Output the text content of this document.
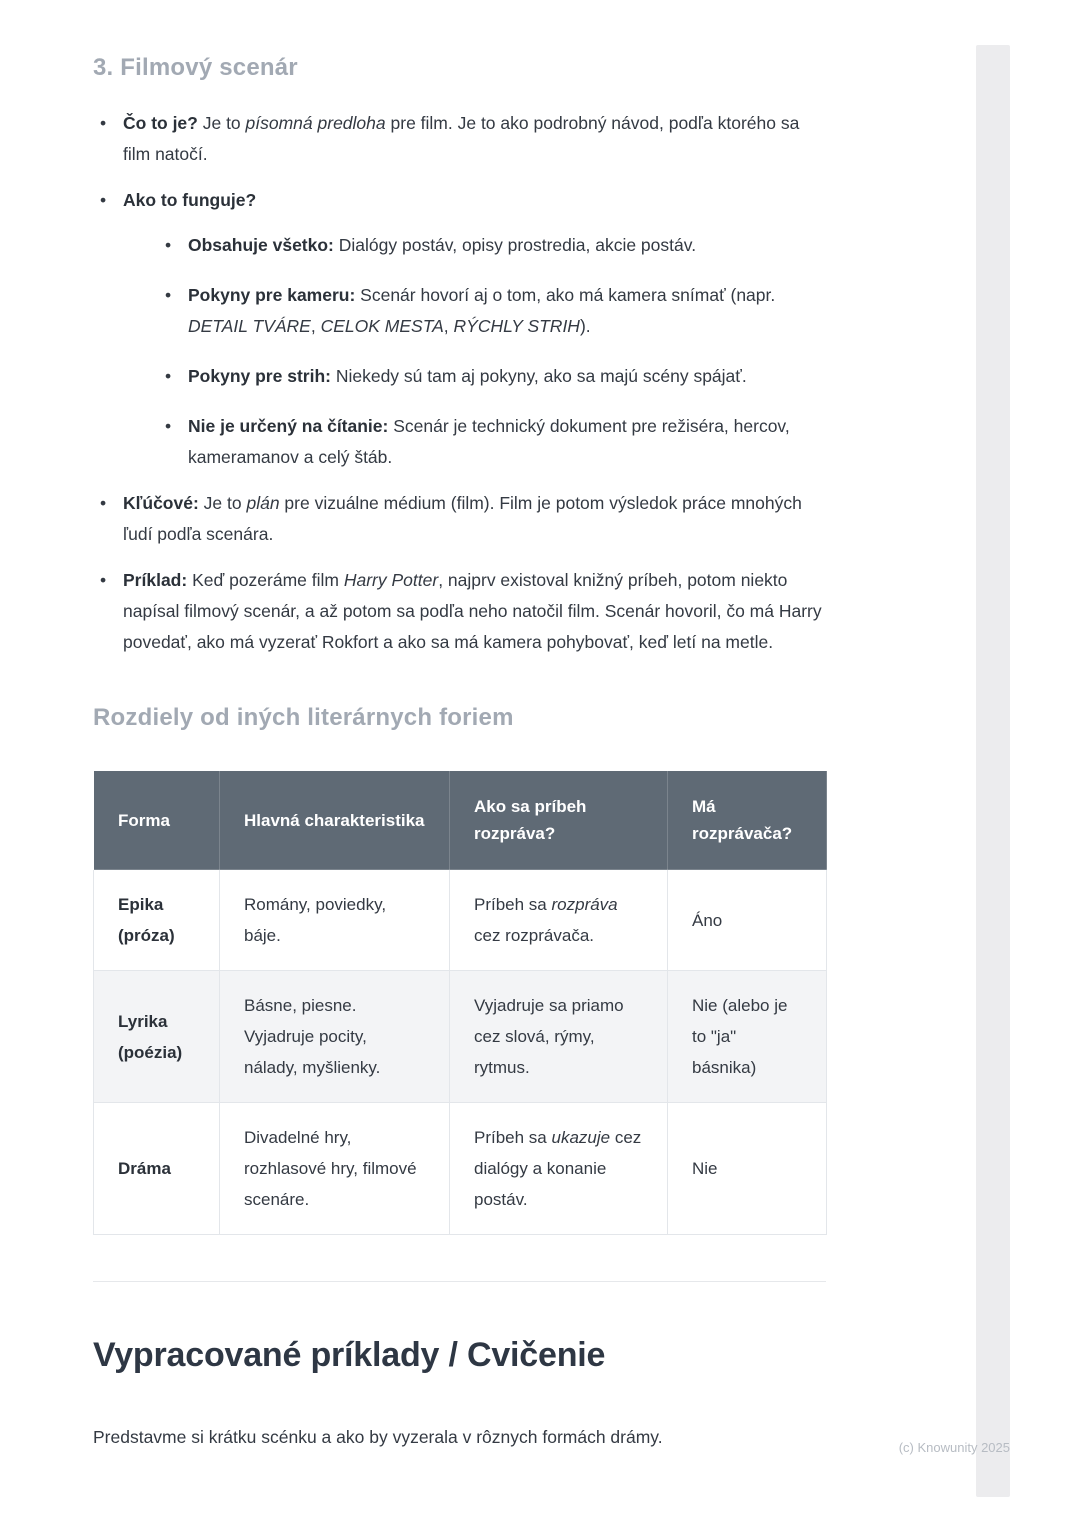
3. Filmový scenár
• Čo to je? Je to písomná predloha pre film. Je to ako podrobný návod, podľa ktorého sa film natočí.
• Ako to funguje?
• Obsahuje všetko: Dialógy postáv, opisy prostredia, akcie postáv.
• Pokyny pre kameru: Scenár hovorí aj o tom, ako má kamera snímať (napr. DETAIL TVÁRE, CELOK MESTA, RÝCHLY STRIH).
• Pokyny pre strih: Niekedy sú tam aj pokyny, ako sa majú scény spájať.
• Nie je určený na čítanie: Scenár je technický dokument pre režiséra, hercov, kameramanov a celý štáb.
• Kľúčové: Je to plán pre vizuálne médium (film). Film je potom výsledok práce mnohých ľudí podľa scenára.
• Príklad: Keď pozeráme film Harry Potter, najprv existoval knižný príbeh, potom niekto napísal filmový scenár, a až potom sa podľa neho natočil film. Scenár hovoril, čo má Harry povedať, ako má vyzerať Rokfort a ako sa má kamera pohybovať, keď letí na metle.
Rozdiely od iných literárnych foriem
Forma	Hlavná charakteristika	Ako sa príbeh rozpráva?	Má rozprávača?
Epika (próza)	Romány, poviedky, báje.	Príbeh sa rozpráva cez rozprávača.	Áno
Lyrika (poézia)	Básne, piesne. Vyjadruje pocity, nálady, myšlienky.	Vyjadruje sa priamo cez slová, rýmy, rytmus.	Nie (alebo je to "ja" básnika)
Dráma	Divadelné hry, rozhlasové hry, filmové scenáre.	Príbeh sa ukazuje cez dialógy a konanie postáv.	Nie
Vypracované príklady / Cvičenie

Predstavme si krátku scénku a ako by vyzerala v rôznych formách drámy.

(c) Knowunity 2025
